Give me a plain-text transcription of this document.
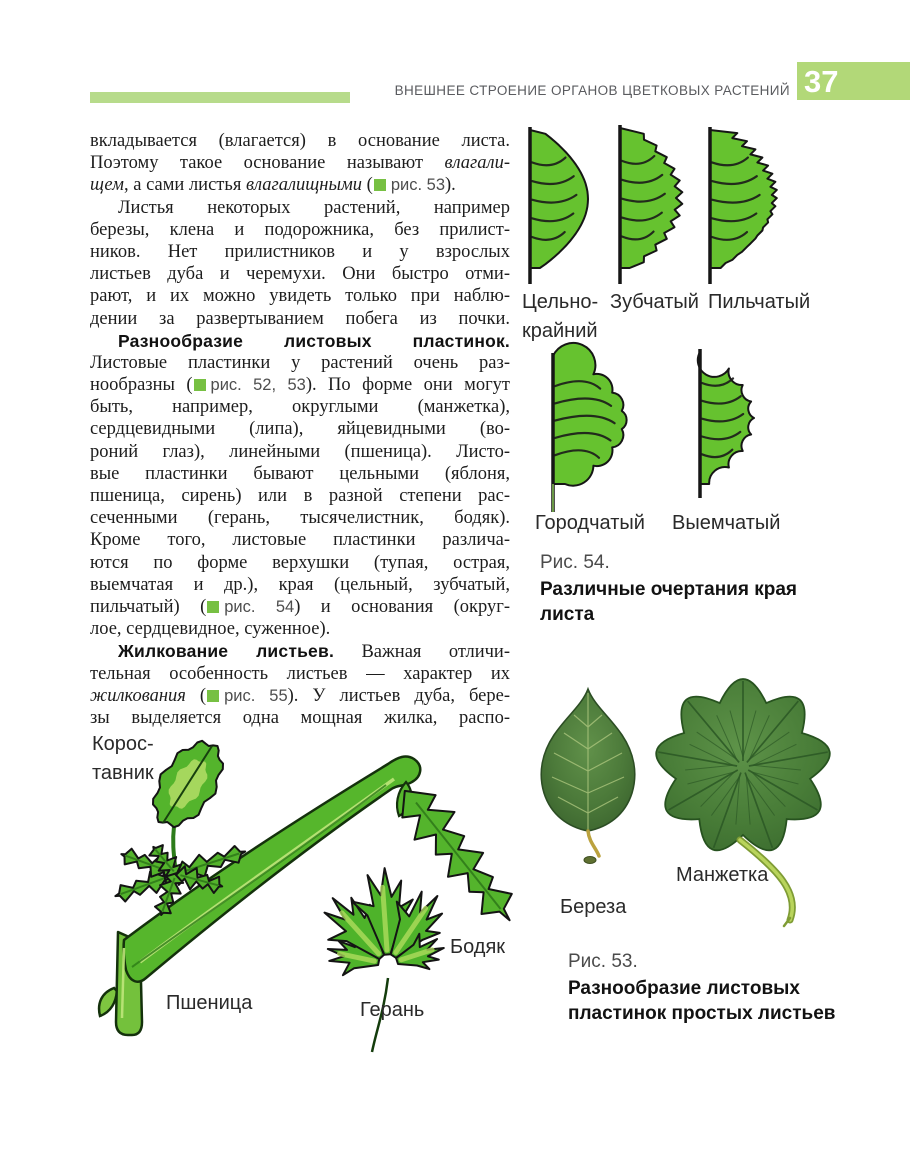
ВНЕШНЕЕ СТРОЕНИЕ ОРГАНОВ ЦВЕТКОВЫХ РАСТЕНИЙ 37
вкладывается (влагается) в основание листа.
Поэтому такое основание называют влагали-
щем, а сами листья влагалищными ( рис. 53).
Листья некоторых растений, например
березы, клена и подорожника, без прилист-
ников. Нет прилистников и у взрослых
листьев дуба и черемухи. Они быстро отми-
рают, и их можно увидеть только при наблю-
дении за развертыванием побега из почки.
Разнообразие листовых пластинок.
Листовые пластинки у растений очень раз-
нообразны ( рис. 52, 53). По форме они могут
быть, например, округлыми (манжетка),
сердцевидными (липа), яйцевидными (во-
роний глаз), линейными (пшеница). Листо-
вые пластинки бывают цельными (яблоня,
пшеница, сирень) или в разной степени рас-
сеченными (герань, тысячелистник, бодяк).
Кроме того, листовые пластинки различа-
ются по форме верхушки (тупая, острая,
выемчатая и др.), края (цельный, зубчатый,
пильчатый) ( рис. 54) и основания (округ-
лое, сердцевидное, суженное).
Жилкование листьев. Важная отличи-
тельная особенность листьев — характер их
жилкования ( рис. 55). У листьев дуба, бере-
зы выделяется одна мощная жилка, распо-
Цельно-
крайний
Зубчатый Пильчатый
Городчатый Выемчатый
Рис. 54.
Различные очертания края
листа
Корос-
тавник
Пшеница	Герань
Бодяк
Береза
Манжетка
Рис. 53.
Разнообразие листовых
пластинок простых листьев
